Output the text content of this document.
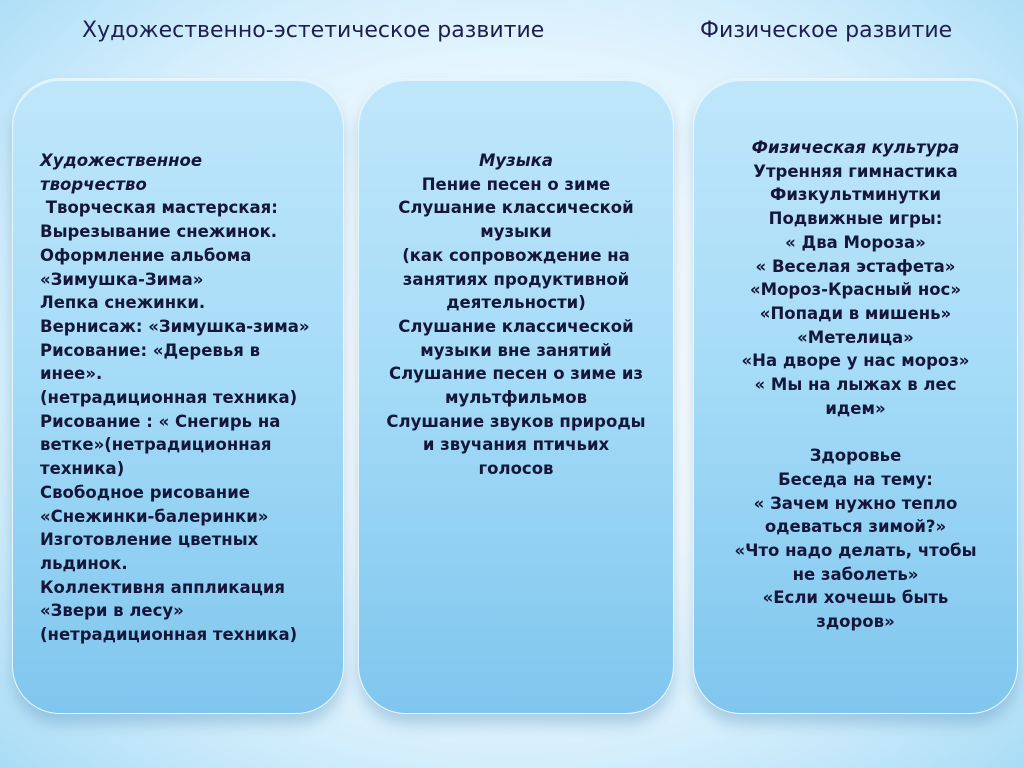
Художественно-эстетическое развитие	Физическое развитие
Художественное
творчество
Творческая мастерская:
Вырезывание снежинок.
Оформление альбома
«Зимушка-Зима»
Лепка снежинки.
Вернисаж: «Зимушка-зима»
Рисование: «Деревья в
инее».
(нетрадиционная техника)
Рисование : « Снегирь на
ветке»(нетрадиционная
техника)
Свободное рисование
«Снежинки-балеринки»
Изготовление цветных
льдинок.
Коллективня аппликация
«Звери в лесу»
(нетрадиционная техника)
Музыка
Пение песен о зиме
Слушание классической
музыки
(как сопровождение на
занятиях продуктивной
деятельности)
Слушание классической
музыки вне занятий
Слушание песен о зиме из
мультфильмов
Слушание звуков природы
и звучания птичьих
голосов
Физическая культура
Утренняя гимнастика
Физкультминутки
Подвижные игры:
« Два Мороза»
« Веселая эстафета»
«Мороз-Красный нос»
«Попади в мишень»
«Метелица»
«На дворе у нас мороз»
« Мы на лыжах в лес
идем»
Здоровье
Беседа на тему:
« Зачем нужно тепло
одеваться зимой?»
«Что надо делать, чтобы
не заболеть»
«Если хочешь быть
здоров»
